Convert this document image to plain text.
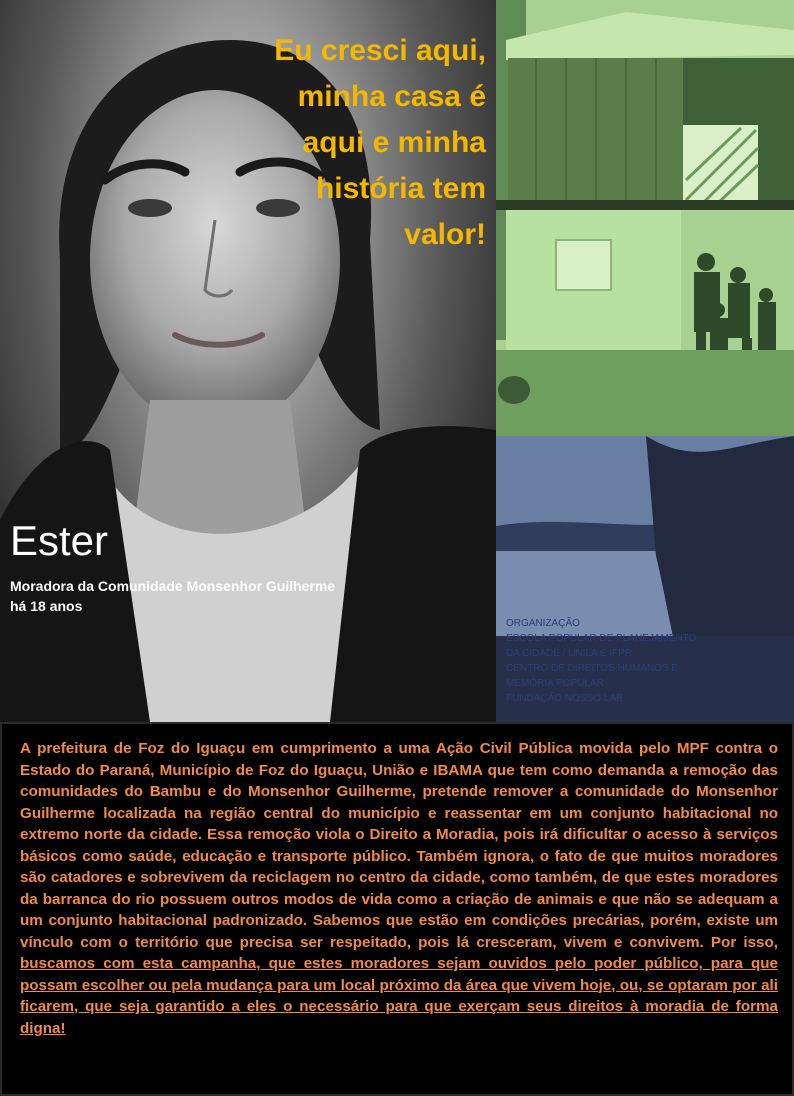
Eu cresci aqui,
minha casa é
aqui e minha
história tem
valor!
Ester
Moradora da Comunidade Monsenhor Guilherme
há 18 anos
ORGANIZAÇÃO
ESCOLA POPULAR DE PLANEJAMENTO
DA CIDADE / UNILA E IFPR
CENTRO DE DIREITOS HUMANOS E
MEMÓRIA POPULAR
FUNDAÇÃO NOSSO LAR

A prefeitura de Foz do Iguaçu em cumprimento a uma Ação Civil Pública movida pelo MPF contra o Estado do Paraná, Município de Foz do Iguaçu, União e IBAMA que tem como demanda a remoção das comunidades do Bambu e do Monsenhor Guilherme, pretende remover a comunidade do Monsenhor Guilherme localizada na região central do município e reassentar em um conjunto habitacional no extremo norte da cidade. Essa remoção viola o Direito a Moradia, pois irá dificultar o acesso à serviços básicos como saúde, educação e transporte público. Também ignora, o fato de que muitos moradores são catadores e sobrevivem da reciclagem no centro da cidade, como também, de que estes moradores da barranca do rio possuem outros modos de vida como a criação de animais e que não se adequam a um conjunto habitacional padronizado. Sabemos que estão em condições precárias, porém, existe um vínculo com o território que precisa ser respeitado, pois lá cresceram, vivem e convivem. Por isso, buscamos com esta campanha, que estes moradores sejam ouvidos pelo poder público, para que possam escolher ou pela mudança para um local próximo da área que vivem hoje, ou, se optaram por ali ficarem, que seja garantido a eles o necessário para que exerçam seus direitos à moradia de forma digna!
